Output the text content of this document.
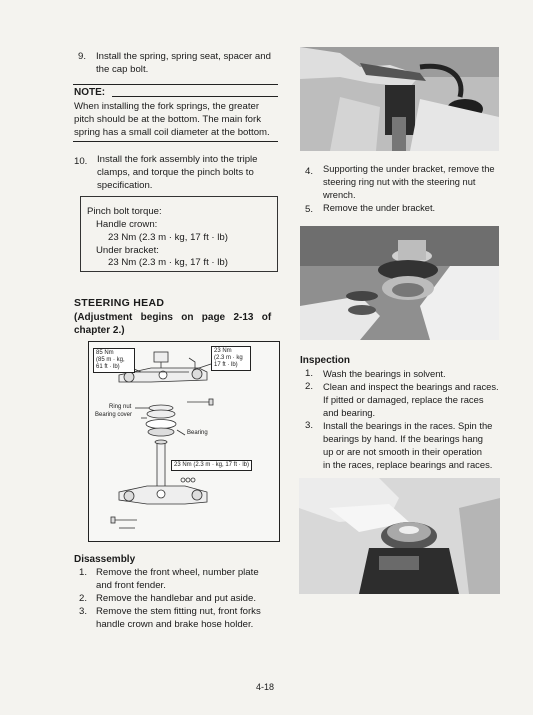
9. Install the spring, spring seat, spacer and
the cap bolt.
NOTE:
When installing the fork springs, the greater
pitch should be at the bottom. The main fork
spring has a small coil diameter at the bottom.
10. Install the fork assembly into the triple
clamps, and torque the pinch bolts to
specification.
Pinch bolt torque:
Handle crown:
23 Nm (2.3 m · kg, 17 ft · lb)
Under bracket:
23 Nm (2.3 m · kg, 17 ft · lb)
STEERING HEAD
(Adjustment   begins   on   page   2-13   of
chapter 2.)
85 Nm
(85 m · kg,
61 ft · lb)
23 Nm
(2.3 m · kg
17 ft · lb)
Ring nut
Bearing cover
Bearing
23 Nm (2.3 m · kg, 17 ft · lb)
Disassembly
1. Remove the front wheel, number plate
and front fender.
2. Remove the handlebar and put aside.
3. Remove the stem fitting nut, front forks
handle crown and brake hose holder.
4. Supporting the under bracket, remove the
steering ring nut with the steering nut
wrench.
5. Remove the under bracket.
Inspection
1. Wash the bearings in solvent.
2. Clean and inspect the bearings and races.
If pitted or damaged, replace the races
and bearing.
3. Install the bearings in the races. Spin the
bearings by hand. If the bearings hang
up or are not smooth in their operation
in the races, replace bearings and races.
4-18
